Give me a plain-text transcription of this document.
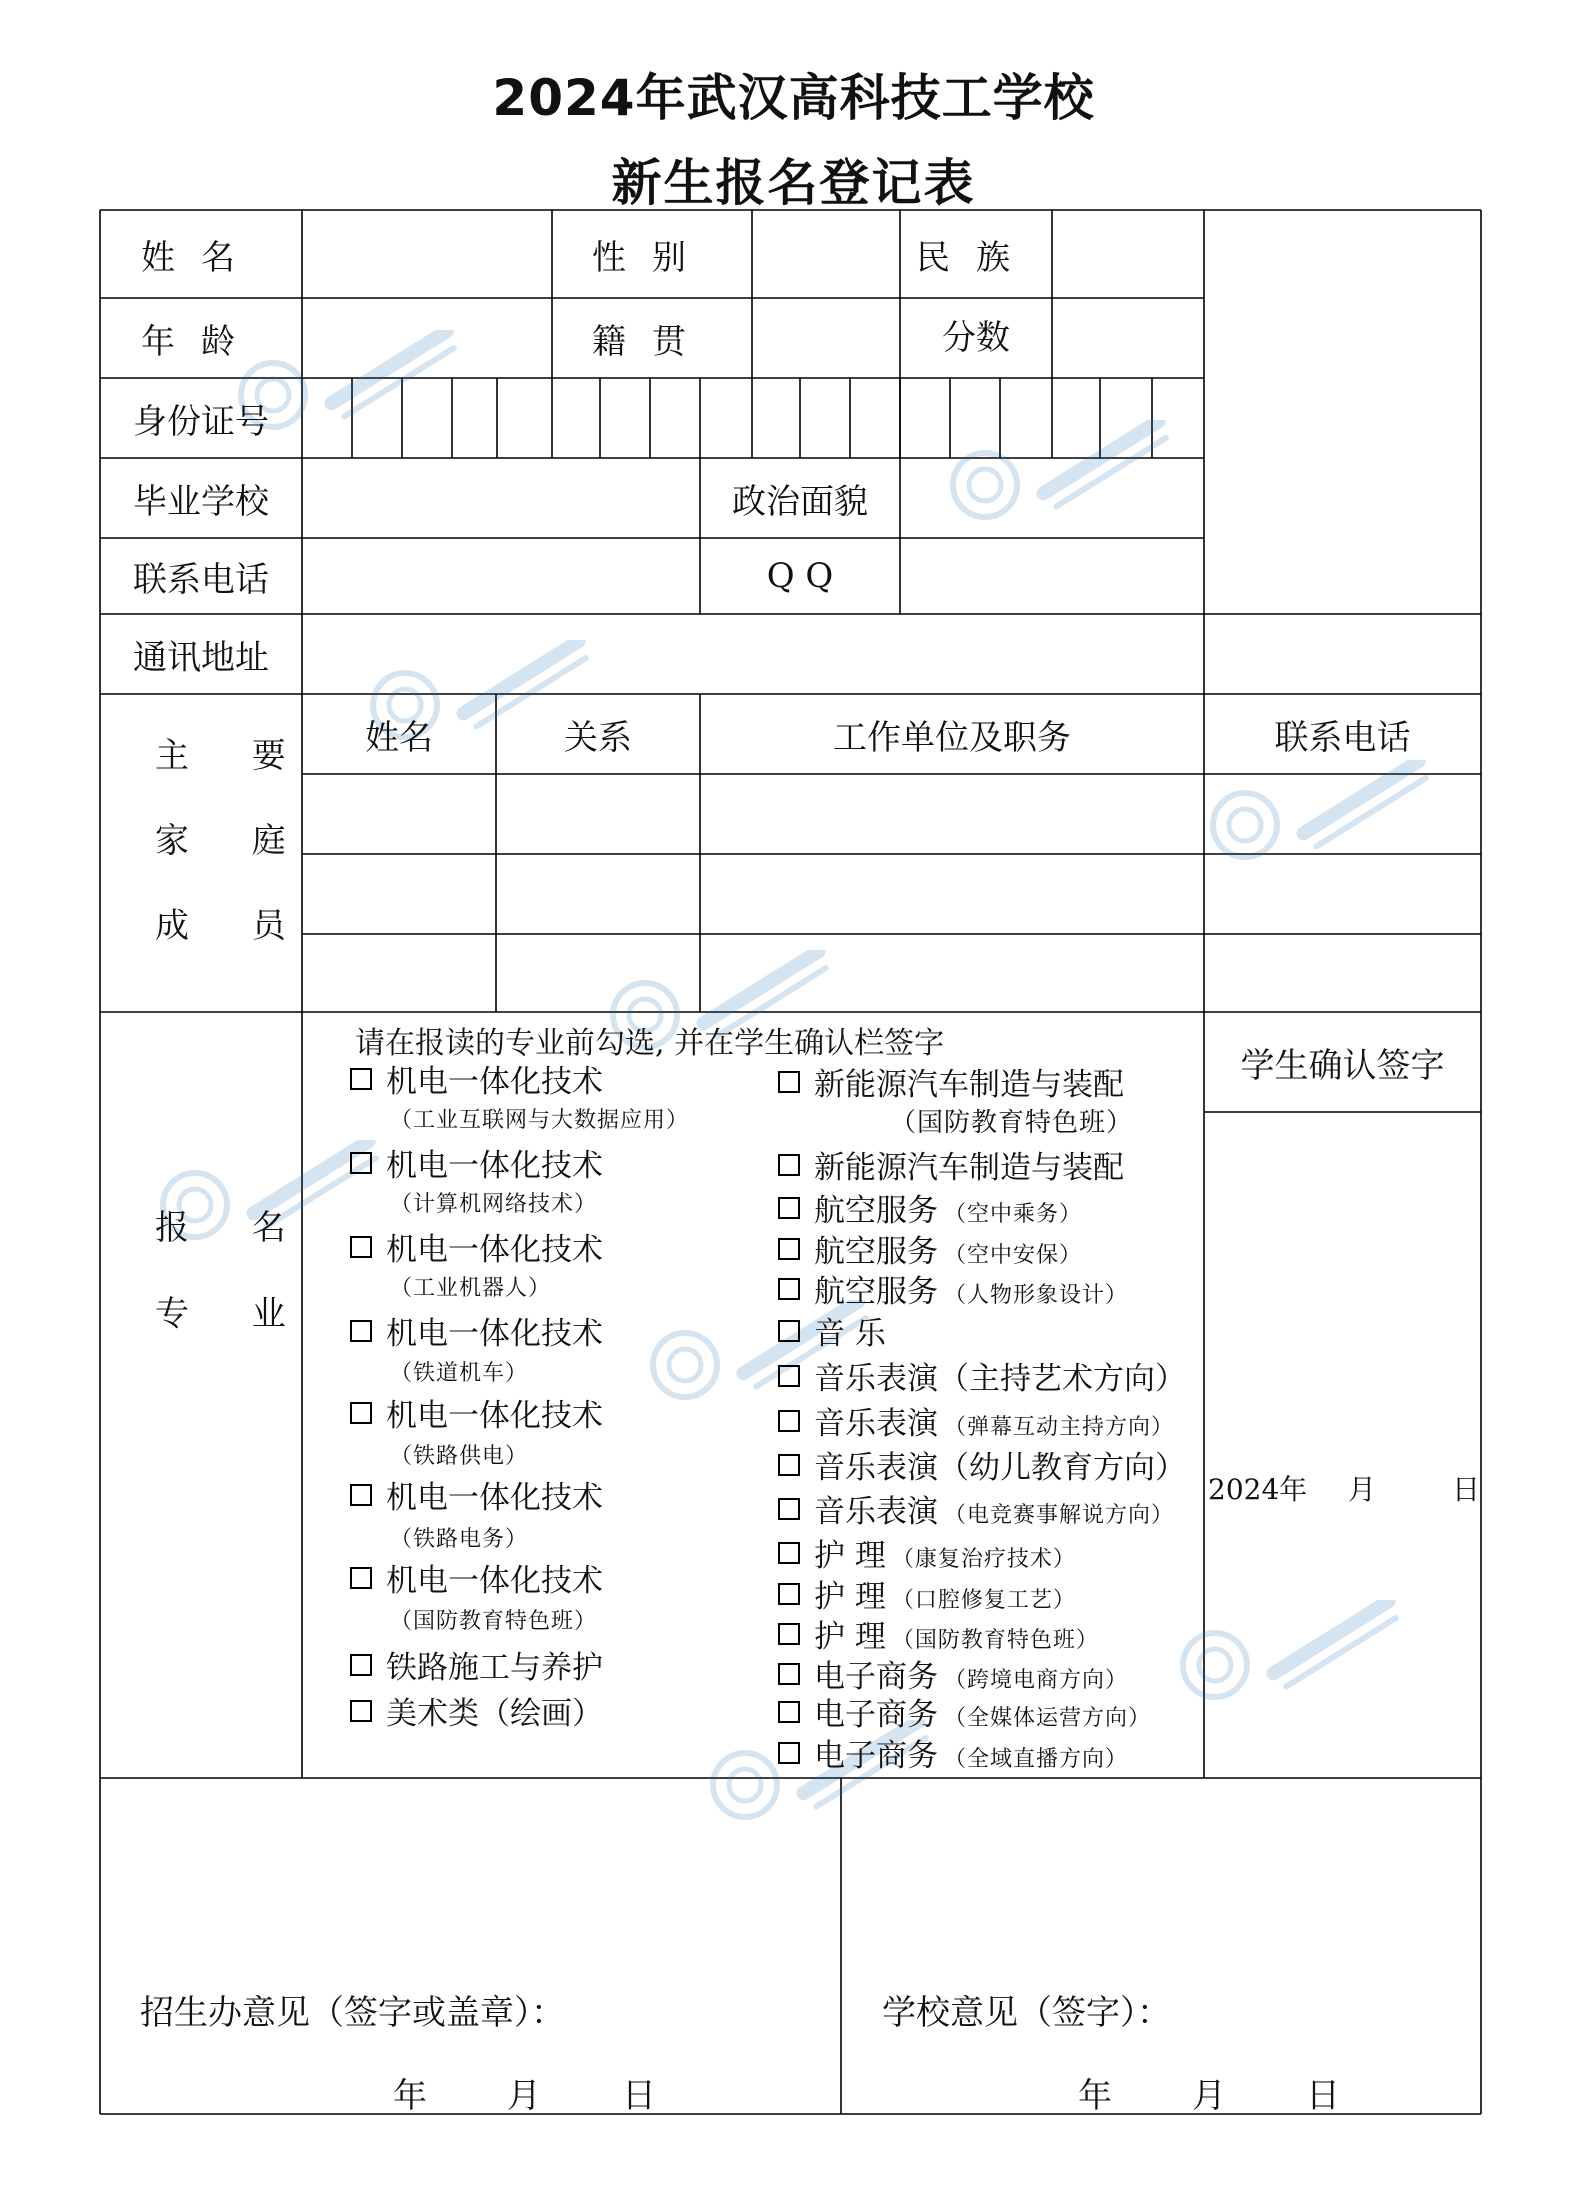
2024年武汉高科技工学校
新生报名登记表
姓名	性别	民族
年龄	籍贯	分数
身份证号
毕业学校	政治面貌
联系电话	Q Q
通讯地址
主 要
家 庭
成 员
姓名	关系	工作单位及职务	联系电话
报 名
专 业
请在报读的专业前勾选, 并在学生确认栏签字
机电一体化技术
（工业互联网与大数据应用）
机电一体化技术
（计算机网络技术）
机电一体化技术
（工业机器人）
机电一体化技术
（铁道机车）
机电一体化技术
（铁路供电）
机电一体化技术
（铁路电务）
机电一体化技术
（国防教育特色班）
铁路施工与养护
美术类（绘画）
新能源汽车制造与装配
（国防教育特色班）
新能源汽车制造与装配
航空服务 （空中乘务）
航空服务 （空中安保）
航空服务 （人物形象设计）
音 乐
音乐表演（主持艺术方向）
音乐表演 （弹幕互动主持方向）
音乐表演（幼儿教育方向）
音乐表演 （电竞赛事解说方向）
护 理 （康复治疗技术）
护 理 （口腔修复工艺）
护 理 （国防教育特色班）
电子商务 （跨境电商方向）
电子商务 （全媒体运营方向）
电子商务 （全域直播方向）
学生确认签字
2024年 月	日
招生办意见（签字或盖章）：	学校意见（签字）：
年 月 日	年 月 日
